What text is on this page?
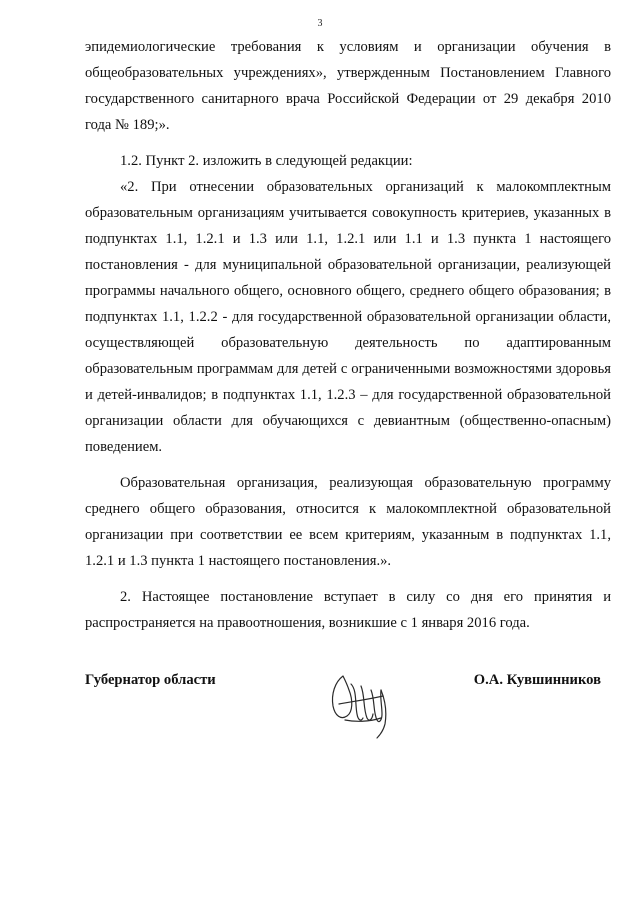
3

эпидемиологические требования к условиям и организации обучения в общеобразовательных учреждениях», утвержденным Постановлением Главного государственного санитарного врача Российской Федерации от 29 декабря 2010 года № 189;».

1.2. Пункт 2. изложить в следующей редакции:

«2. При отнесении образовательных организаций к малокомплектным образовательным организациям учитывается совокупность критериев, указанных в подпунктах 1.1, 1.2.1 и 1.3 или 1.1, 1.2.1 или 1.1 и 1.3 пункта 1 настоящего постановления - для муниципальной образовательной организации, реализующей программы начального общего, основного общего, среднего общего образования; в подпунктах 1.1, 1.2.2 - для государственной образовательной организации области, осуществляющей образовательную деятельность по адаптированным образовательным программам для детей с ограниченными возможностями здоровья и детей-инвалидов; в подпунктах 1.1, 1.2.3 – для государственной образовательной организации области для обучающихся с девиантным (общественно-опасным) поведением.

Образовательная организация, реализующая образовательную программу среднего общего образования, относится к малокомплектной образовательной организации при соответствии ее всем критериям, указанным в подпунктах 1.1, 1.2.1 и 1.3 пункта 1 настоящего постановления.».

2. Настоящее постановление вступает в силу со дня его принятия и распространяется на правоотношения, возникшие с 1 января 2016 года.

Губернатор области	О.А. Кувшинников
